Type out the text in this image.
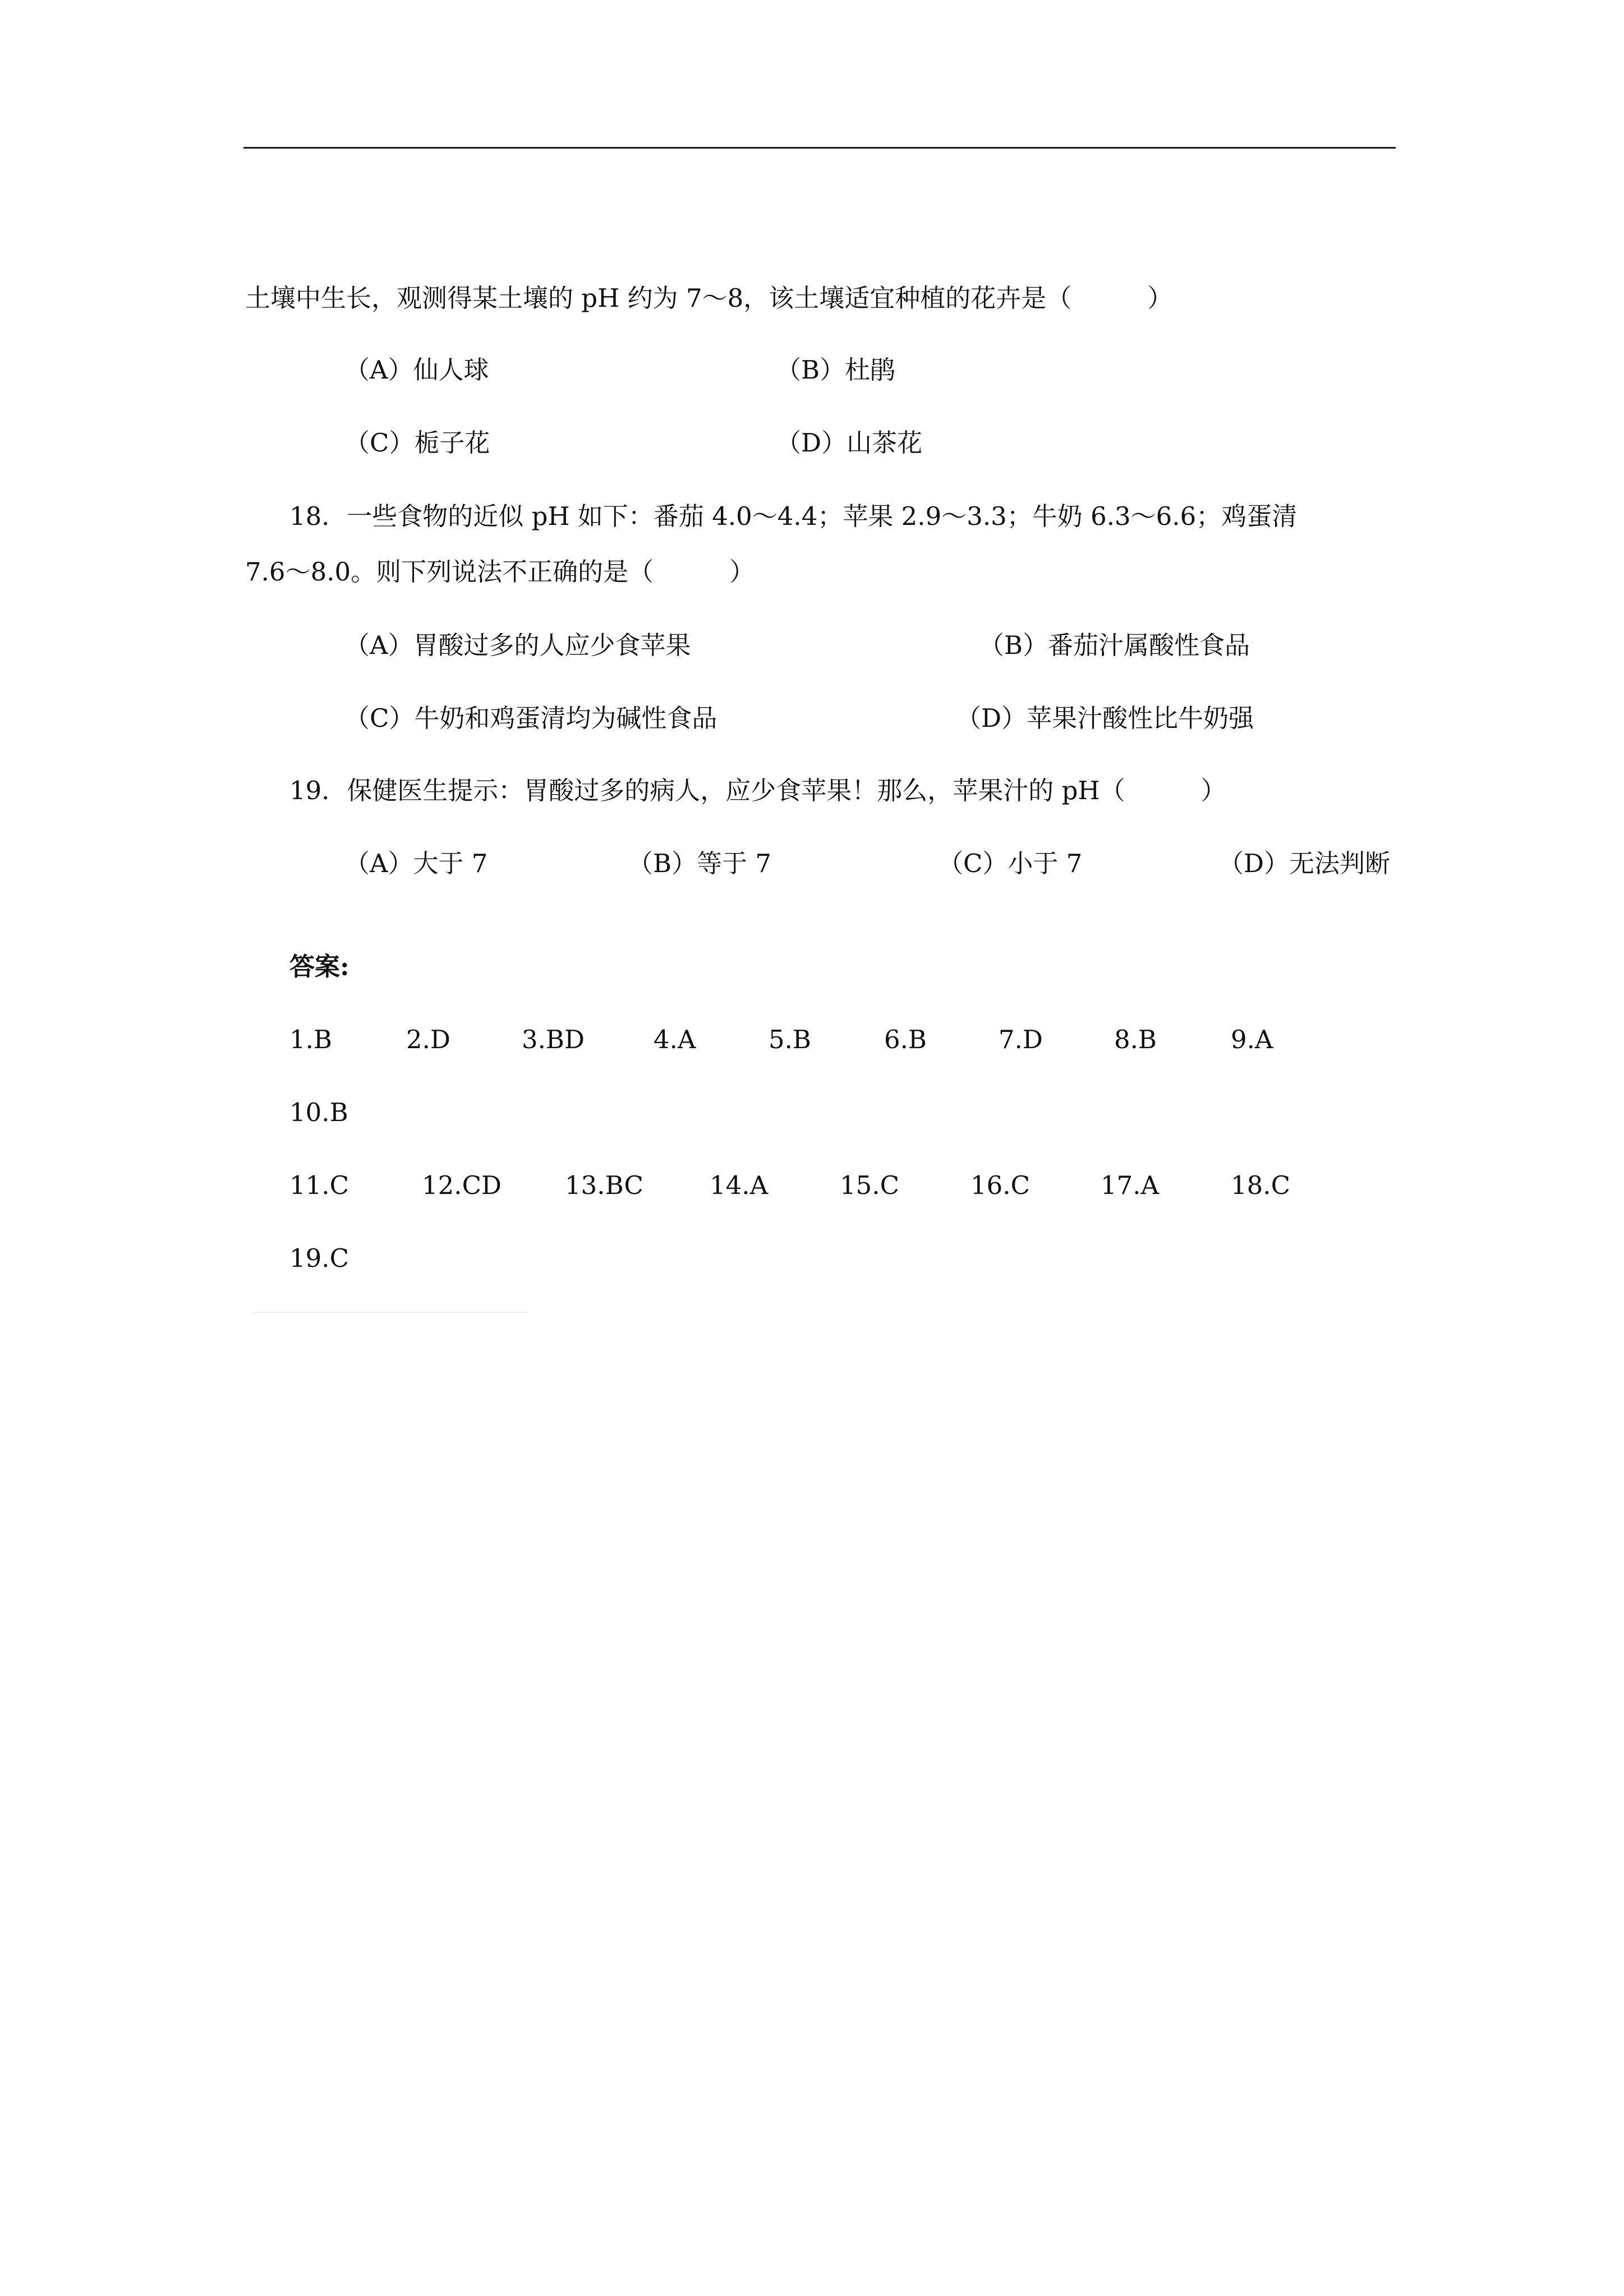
土壤中生长，观测得某土壤的 pH 约为 7～8，该土壤适宜种植的花卉是（　　　）
（A）仙人球	（B）杜鹃
（C）栀子花	（D）山茶花
18．一些食物的近似 pH 如下：番茄 4.0～4.4；苹果 2.9～3.3；牛奶 6.3～6.6；鸡蛋清
7.6～8.0。则下列说法不正确的是（　　　）
（A）胃酸过多的人应少食苹果	（B）番茄汁属酸性食品
（C）牛奶和鸡蛋清均为碱性食品	（D）苹果汁酸性比牛奶强
19．保健医生提示：胃酸过多的病人，应少食苹果！那么，苹果汁的 pH（　　　）
（A）大于 7	（B）等于 7	（C）小于 7	（D）无法判断
答案:
1.B	2.D	3.BD	4.A	5.B	6.B	7.D	8.B	9.A
10.B
11.C	12.CD	13.BC	14.A	15.C	16.C	17.A	18.C
19.C
